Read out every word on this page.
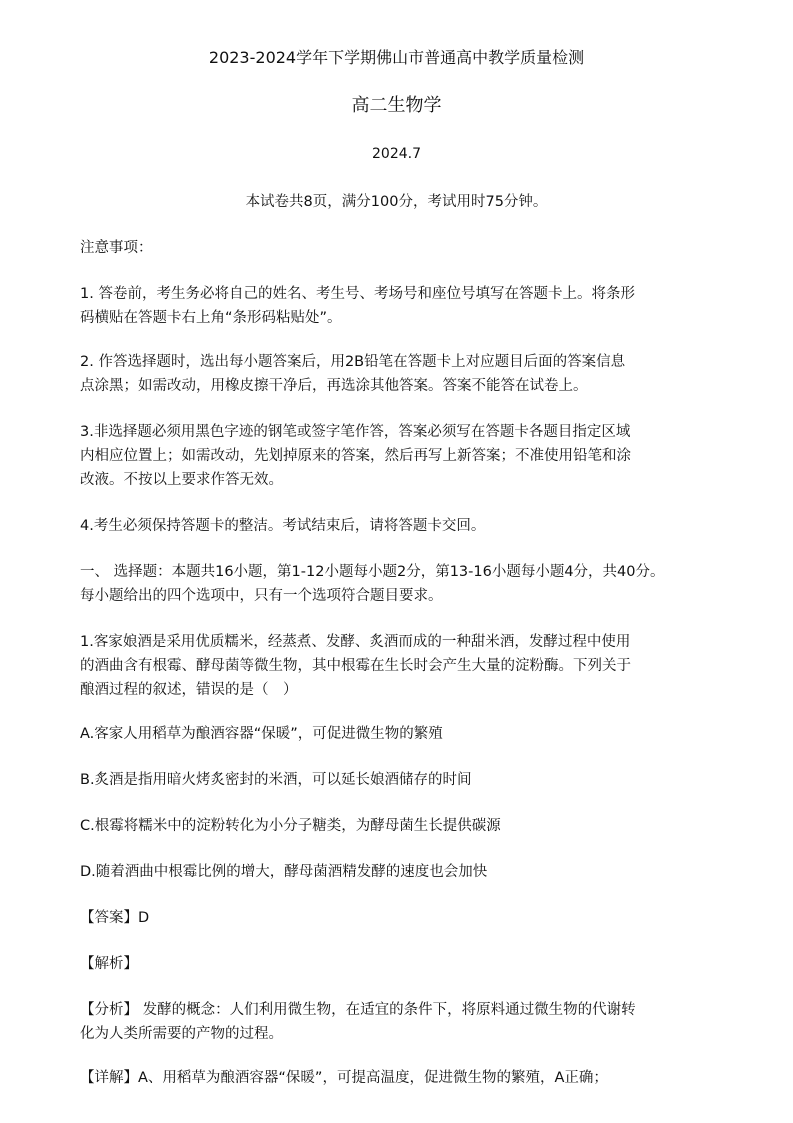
2023-2024学年下学期佛山市普通高中教学质量检测
高二生物学
2024.7
本试卷共8页，满分100分，考试用时75分钟。
注意事项：
1. 答卷前，考生务必将自己的姓名、考生号、考场号和座位号填写在答题卡上。将条形
码横贴在答题卡右上角“条形码粘贴处”。
2. 作答选择题时，选出每小题答案后，用2B铅笔在答题卡上对应题目后面的答案信息
点涂黑；如需改动，用橡皮擦干净后，再选涂其他答案。答案不能答在试卷上。
3.非选择题必须用黑色字迹的钢笔或签字笔作答，答案必须写在答题卡各题目指定区域
内相应位置上；如需改动，先划掉原来的答案，然后再写上新答案；不准使用铅笔和涂
改液。不按以上要求作答无效。
4.考生必须保持答题卡的整洁。考试结束后，请将答题卡交回。
一、 选择题：本题共16小题，第1-12小题每小题2分，第13-16小题每小题4分，共40分。
每小题给出的四个选项中，只有一个选项符合题目要求。
1.客家娘酒是采用优质糯米，经蒸煮、发酵、炙酒而成的一种甜米酒，发酵过程中使用
的酒曲含有根霉、酵母菌等微生物，其中根霉在生长时会产生大量的淀粉酶。下列关于
酿酒过程的叙述，错误的是（　）
A.客家人用稻草为酿酒容器“保暖”，可促进微生物的繁殖
B.炙酒是指用暗火烤炙密封的米酒，可以延长娘酒储存的时间
C.根霉将糯米中的淀粉转化为小分子糖类，为酵母菌生长提供碳源
D.随着酒曲中根霉比例的增大，酵母菌酒精发酵的速度也会加快
【答案】D
【解析】
【分析】 发酵的概念：人们利用微生物，在适宜的条件下，将原料通过微生物的代谢转
化为人类所需要的产物的过程。
【详解】A、用稻草为酿酒容器“保暖”，可提高温度，促进微生物的繁殖，A正确；
